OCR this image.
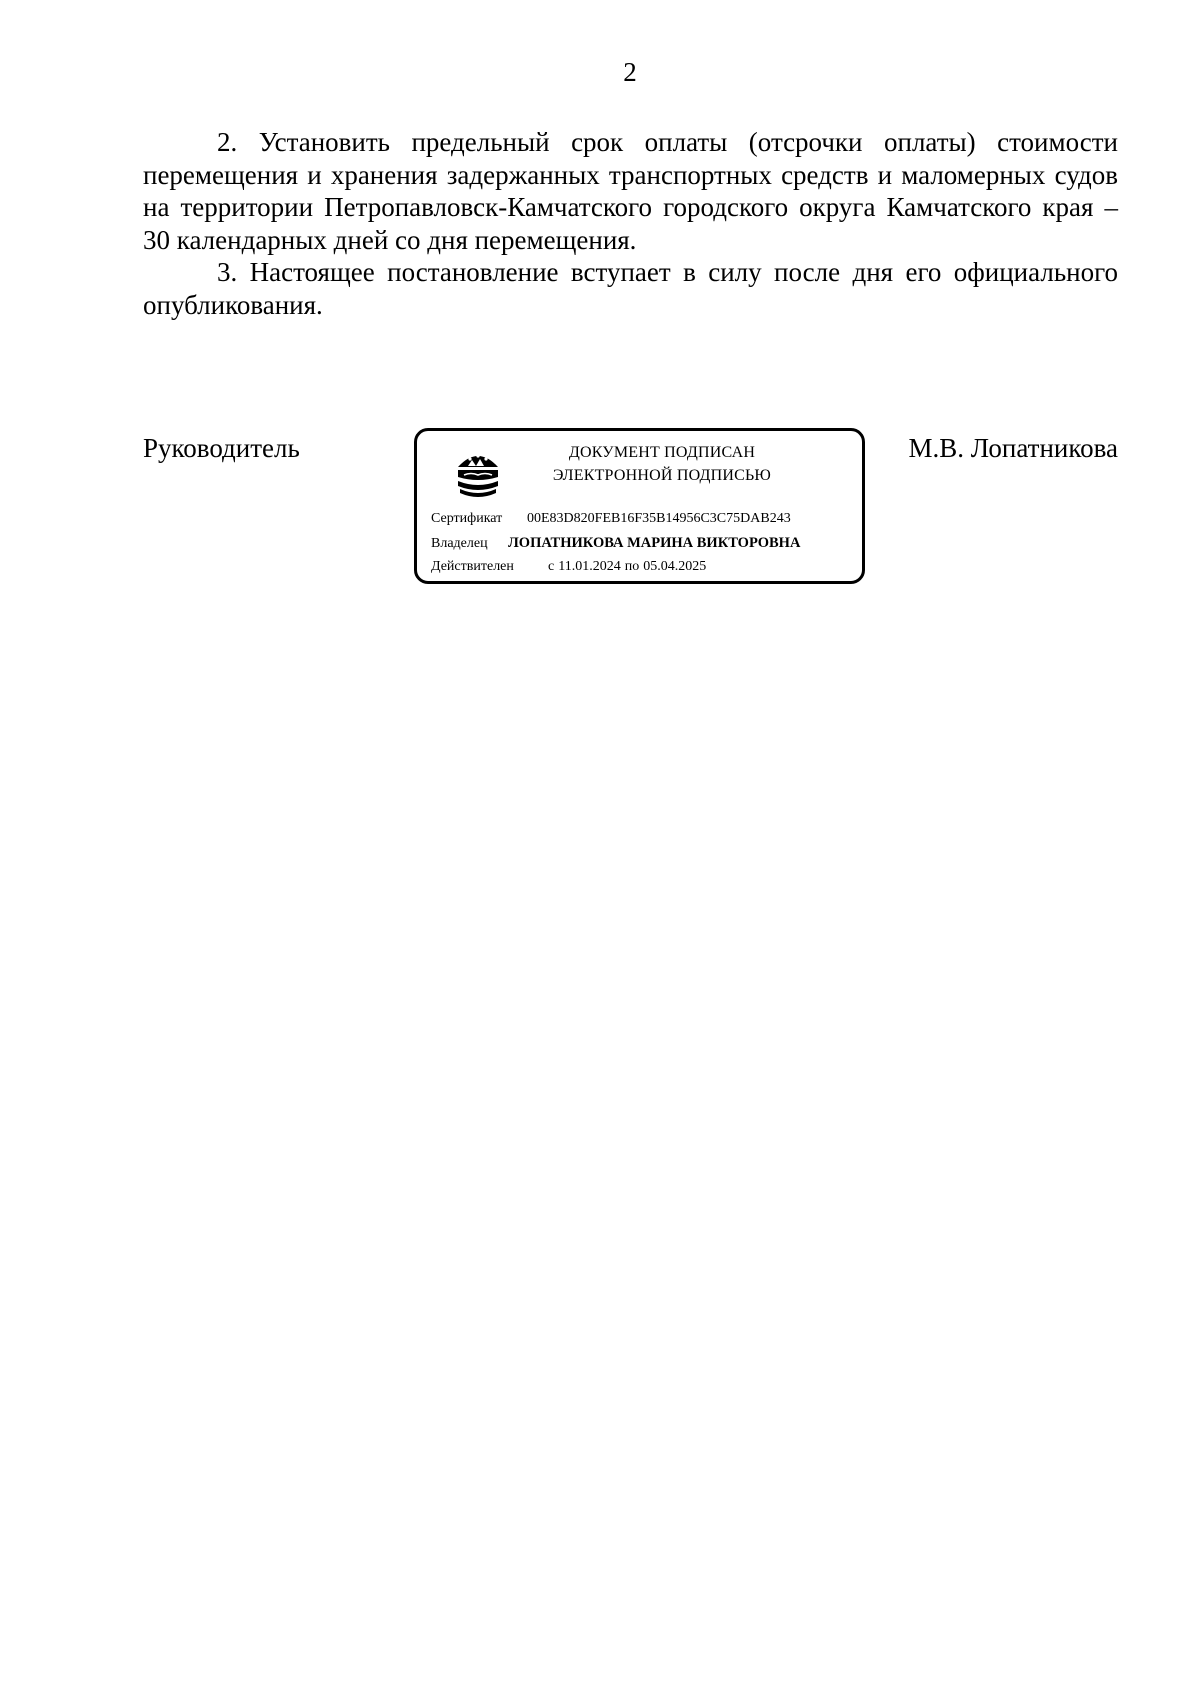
2

2. Установить предельный срок оплаты (отсрочки оплаты) стоимости перемещения и хранения задержанных транспортных средств и маломерных судов на территории Петропавловск-Камчатского городского округа Камчатского края – 30 календарных дней со дня перемещения.

3. Настоящее постановление вступает в силу после дня его официального опубликования.

Руководитель	ДОКУМЕНТ ПОДПИСАН
ЭЛЕКТРОННОЙ ПОДПИСЬЮ
Сертификат 00E83D820FEB16F35B14956C3C75DAB243
Владелец ЛОПАТНИКОВА МАРИНА ВИКТОРОВНА
Действителен с 11.01.2024 по 05.04.2025
М.В. Лопатникова
